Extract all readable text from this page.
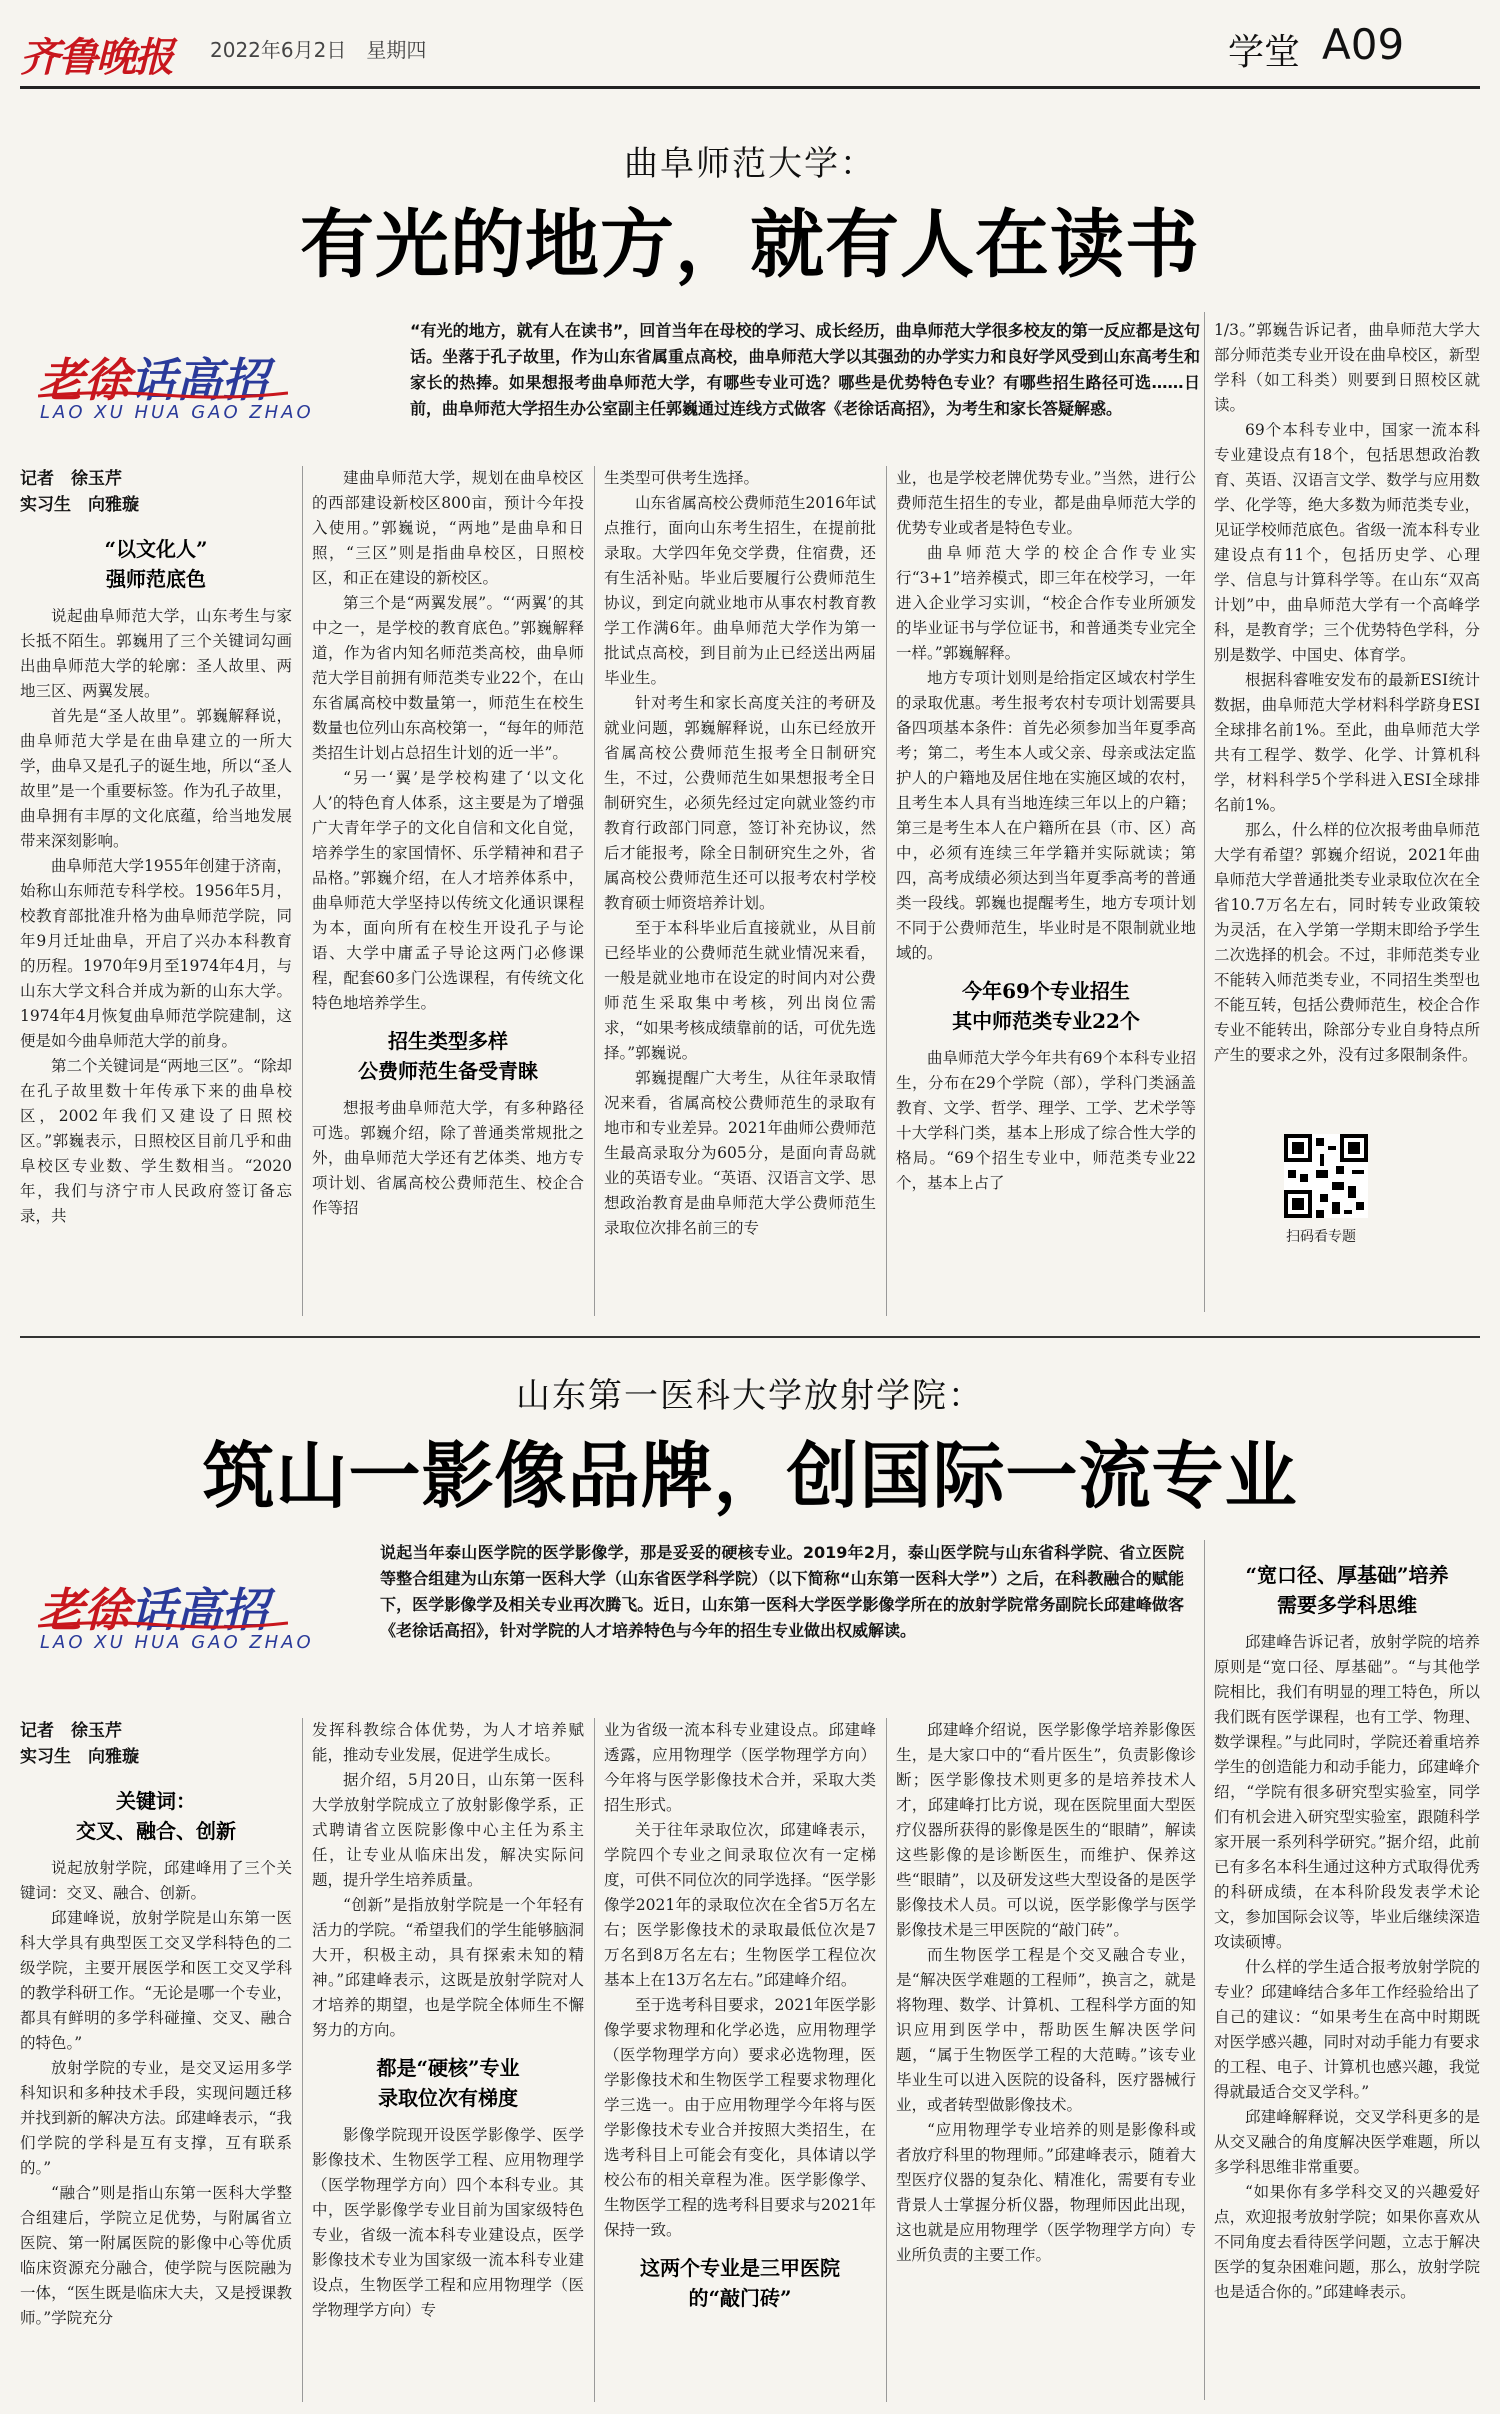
齐鲁晚报 2022年6月2日　 星期四	学堂 A09
曲阜师范大学：
有光的地方，就有人在读书
老徐话高招
LAO XU HUA GAO ZHAO
“有光的地方，就有人在读书”，回首当年在母校的学习、成长经历，曲阜师范大学很多校友的第一反应都是这句话。坐落于孔子故里，作为山东省属重点高校，曲阜师范大学以其强劲的办学实力和良好学风受到山东高考生和家长的热捧。如果想报考曲阜师范大学，有哪些专业可选？哪些是优势特色专业？有哪些招生路径可选……日前，曲阜师范大学招生办公室副主任郭巍通过连线方式做客《老徐话高招》，为考生和家长答疑解惑。
记者　徐玉芹
实习生　向雅璇
“以文化人”
强师范底色

说起曲阜师范大学，山东考生与家长抵不陌生。郭巍用了三个关键词勾画出曲阜师范大学的轮廓：圣人故里、两地三区、两翼发展。

首先是“圣人故里”。郭巍解释说，曲阜师范大学是在曲阜建立的一所大学，曲阜又是孔子的诞生地，所以“圣人故里”是一个重要标签。作为孔子故里，曲阜拥有丰厚的文化底蕴，给当地发展带来深刻影响。

曲阜师范大学1955年创建于济南，始称山东师范专科学校。1956年5月，校教育部批准升格为曲阜师范学院，同年9月迁址曲阜，开启了兴办本科教育的历程。1970年9月至1974年4月，与山东大学文科合并成为新的山东大学。1974年4月恢复曲阜师范学院建制，这便是如今曲阜师范大学的前身。

第二个关键词是“两地三区”。“除却在孔子故里数十年传承下来的曲阜校区，2002年我们又建设了日照校区。”郭巍表示，日照校区目前几乎和曲阜校区专业数、学生数相当。“2020年，我们与济宁市人民政府签订备忘录，共

建曲阜师范大学，规划在曲阜校区的西部建设新校区800亩，预计今年投入使用。”郭巍说，“两地”是曲阜和日照，“三区”则是指曲阜校区，日照校区，和正在建设的新校区。

第三个是“两翼发展”。“‘两翼’的其中之一，是学校的教育底色。”郭巍解释道，作为省内知名师范类高校，曲阜师范大学目前拥有师范类专业22个，在山东省属高校中数量第一，师范生在校生数量也位列山东高校第一，“每年的师范类招生计划占总招生计划的近一半”。

“另一‘翼’是学校构建了‘以文化人’的特色育人体系，这主要是为了增强广大青年学子的文化自信和文化自觉，培养学生的家国情怀、乐学精神和君子品格。”郭巍介绍，在人才培养体系中，曲阜师范大学坚持以传统文化通识课程为本，面向所有在校生开设孔子与论语、大学中庸孟子导论这两门必修课程，配套60多门公选课程，有传统文化特色地培养学生。

招生类型多样
公费师范生备受青睐

想报考曲阜师范大学，有多种路径可选。郭巍介绍，除了普通类常规批之外，曲阜师范大学还有艺体类、地方专项计划、省属高校公费师范生、校企合作等招

生类型可供考生选择。

山东省属高校公费师范生2016年试点推行，面向山东考生招生，在提前批录取。大学四年免交学费，住宿费，还有生活补贴。毕业后要履行公费师范生协议，到定向就业地市从事农村教育教学工作满6年。曲阜师范大学作为第一批试点高校，到目前为止已经送出两届毕业生。

针对考生和家长高度关注的考研及就业问题，郭巍解释说，山东已经放开省属高校公费师范生报考全日制研究生，不过，公费师范生如果想报考全日制研究生，必须先经过定向就业签约市教育行政部门同意，签订补充协议，然后才能报考，除全日制研究生之外，省属高校公费师范生还可以报考农村学校教育硕士师资培养计划。

至于本科毕业后直接就业，从目前已经毕业的公费师范生就业情况来看，一般是就业地市在设定的时间内对公费师范生采取集中考核，列出岗位需求，“如果考核成绩靠前的话，可优先选择。”郭巍说。

郭巍提醒广大考生，从往年录取情况来看，省属高校公费师范生的录取有地市和专业差异。2021年曲师公费师范生最高录取分为605分，是面向青岛就业的英语专业。“英语、汉语言文学、思想政治教育是曲阜师范大学公费师范生录取位次排名前三的专

业，也是学校老牌优势专业。”当然，进行公费师范生招生的专业，都是曲阜师范大学的优势专业或者是特色专业。

曲阜师范大学的校企合作专业实行“3+1”培养模式，即三年在校学习，一年进入企业学习实训，“校企合作专业所颁发的毕业证书与学位证书，和普通类专业完全一样。”郭巍解释。

地方专项计划则是给指定区域农村学生的录取优惠。考生报考农村专项计划需要具备四项基本条件：首先必须参加当年夏季高考；第二，考生本人或父亲、母亲或法定监护人的户籍地及居住地在实施区域的农村，且考生本人具有当地连续三年以上的户籍；第三是考生本人在户籍所在县（市、区）高中，必须有连续三年学籍并实际就读；第四，高考成绩必须达到当年夏季高考的普通类一段线。郭巍也提醒考生，地方专项计划不同于公费师范生，毕业时是不限制就业地域的。

今年69个专业招生
其中师范类专业22个

曲阜师范大学今年共有69个本科专业招生，分布在29个学院（部），学科门类涵盖教育、文学、哲学、理学、工学、艺术学等十大学科门类，基本上形成了综合性大学的格局。“69个招生专业中，师范类专业22个，基本上占了

1/3。”郭巍告诉记者，曲阜师范大学大部分师范类专业开设在曲阜校区，新型学科（如工科类）则要到日照校区就读。

69个本科专业中，国家一流本科专业建设点有18个，包括思想政治教育、英语、汉语言文学、数学与应用数学、化学等，绝大多数为师范类专业，见证学校师范底色。省级一流本科专业建设点有11个，包括历史学、心理学、信息与计算科学等。在山东“双高计划”中，曲阜师范大学有一个高峰学科，是教育学；三个优势特色学科，分别是数学、中国史、体育学。

根据科睿唯安发布的最新ESI统计数据，曲阜师范大学材料科学跻身ESI全球排名前1%。至此，曲阜师范大学共有工程学、数学、化学、计算机科学，材料科学5个学科进入ESI全球排名前1%。

那么，什么样的位次报考曲阜师范大学有希望？郭巍介绍说，2021年曲阜师范大学普通批类专业录取位次在全省10.7万名左右，同时转专业政策较为灵活，在入学第一学期末即给予学生二次选择的机会。不过，非师范类专业不能转入师范类专业，不同招生类型也不能互转，包括公费师范生，校企合作专业不能转出，除部分专业自身特点所产生的要求之外，没有过多限制条件。

扫码看专题
山东第一医科大学放射学院：
筑山一影像品牌，创国际一流专业
老徐话高招
LAO XU HUA GAO ZHAO
说起当年泰山医学院的医学影像学，那是妥妥的硬核专业。2019年2月，泰山医学院与山东省科学院、省立医院等整合组建为山东第一医科大学（山东省医学科学院）（以下简称“山东第一医科大学”）之后，在科教融合的赋能下，医学影像学及相关专业再次腾飞。近日，山东第一医科大学医学影像学所在的放射学院常务副院长邱建峰做客《老徐话高招》，针对学院的人才培养特色与今年的招生专业做出权威解读。
记者　徐玉芹
实习生　向雅璇
关键词：
交叉、融合、创新

说起放射学院，邱建峰用了三个关键词：交叉、融合、创新。

邱建峰说，放射学院是山东第一医科大学具有典型医工交叉学科特色的二级学院，主要开展医学和医工交叉学科的教学科研工作。“无论是哪一个专业，都具有鲜明的多学科碰撞、交叉、融合的特色。”

放射学院的专业，是交叉运用多学科知识和多种技术手段，实现问题迁移并找到新的解决方法。邱建峰表示，“我们学院的学科是互有支撑，互有联系的。”

“融合”则是指山东第一医科大学整合组建后，学院立足优势，与附属省立医院、第一附属医院的影像中心等优质临床资源充分融合，使学院与医院融为一体，“医生既是临床大夫，又是授课教师。”学院充分

发挥科教综合体优势，为人才培养赋能，推动专业发展，促进学生成长。

据介绍，5月20日，山东第一医科大学放射学院成立了放射影像学系，正式聘请省立医院影像中心主任为系主任，让专业从临床出发，解决实际问题，提升学生培养质量。

“创新”是指放射学院是一个年轻有活力的学院。“希望我们的学生能够脑洞大开，积极主动，具有探索未知的精神。”邱建峰表示，这既是放射学院对人才培养的期望，也是学院全体师生不懈努力的方向。

都是“硬核”专业
录取位次有梯度

影像学院现开设医学影像学、医学影像技术、生物医学工程、应用物理学（医学物理学方向）四个本科专业。其中，医学影像学专业目前为国家级特色专业，省级一流本科专业建设点，医学影像技术专业为国家级一流本科专业建设点，生物医学工程和应用物理学（医学物理学方向）专

业为省级一流本科专业建设点。邱建峰透露，应用物理学（医学物理学方向）今年将与医学影像技术合并，采取大类招生形式。

关于往年录取位次，邱建峰表示，学院四个专业之间录取位次有一定梯度，可供不同位次的同学选择。“医学影像学2021年的录取位次在全省5万名左右；医学影像技术的录取最低位次是7万名到8万名左右；生物医学工程位次基本上在13万名左右。”邱建峰介绍。

至于选考科目要求，2021年医学影像学要求物理和化学必选，应用物理学（医学物理学方向）要求必选物理，医学影像技术和生物医学工程要求物理化学三选一。由于应用物理学今年将与医学影像技术专业合并按照大类招生，在选考科目上可能会有变化，具体请以学校公布的相关章程为准。医学影像学、生物医学工程的选考科目要求与2021年保持一致。

这两个专业是三甲医院
的“敲门砖”

邱建峰介绍说，医学影像学培养影像医生，是大家口中的“看片医生”，负责影像诊断；医学影像技术则更多的是培养技术人才，邱建峰打比方说，现在医院里面大型医疗仪器所获得的影像是医生的“眼睛”，解读这些影像的是诊断医生，而维护、保养这些“眼睛”，以及研发这些大型设备的是医学影像技术人员。可以说，医学影像学与医学影像技术是三甲医院的“敲门砖”。

而生物医学工程是个交叉融合专业，是“解决医学难题的工程师”，换言之，就是将物理、数学、计算机、工程科学方面的知识应用到医学中，帮助医生解决医学问题，“属于生物医学工程的大范畴。”该专业毕业生可以进入医院的设备科，医疗器械行业，或者转型做影像技术。

“应用物理学专业培养的则是影像科或者放疗科里的物理师。”邱建峰表示，随着大型医疗仪器的复杂化、精准化，需要有专业背景人士掌握分析仪器，物理师因此出现，这也就是应用物理学（医学物理学方向）专业所负责的主要工作。

“宽口径、厚基础”培养
需要多学科思维

邱建峰告诉记者，放射学院的培养原则是“宽口径、厚基础”。“与其他学院相比，我们有明显的理工特色，所以我们既有医学课程，也有工学、物理、数学课程。”与此同时，学院还着重培养学生的创造能力和动手能力，邱建峰介绍，“学院有很多研究型实验室，同学们有机会进入研究型实验室，跟随科学家开展一系列科学研究。”据介绍，此前已有多名本科生通过这种方式取得优秀的科研成绩，在本科阶段发表学术论文，参加国际会议等，毕业后继续深造攻读硕博。

什么样的学生适合报考放射学院的专业？邱建峰结合多年工作经验给出了自己的建议：“如果考生在高中时期既对医学感兴趣，同时对动手能力有要求的工程、电子、计算机也感兴趣，我觉得就最适合交叉学科。”

邱建峰解释说，交叉学科更多的是从交叉融合的角度解决医学难题，所以多学科思维非常重要。

“如果你有多学科交叉的兴趣爱好点，欢迎报考放射学院；如果你喜欢从不同角度去看待医学问题，立志于解决医学的复杂困难问题，那么，放射学院也是适合你的。”邱建峰表示。
